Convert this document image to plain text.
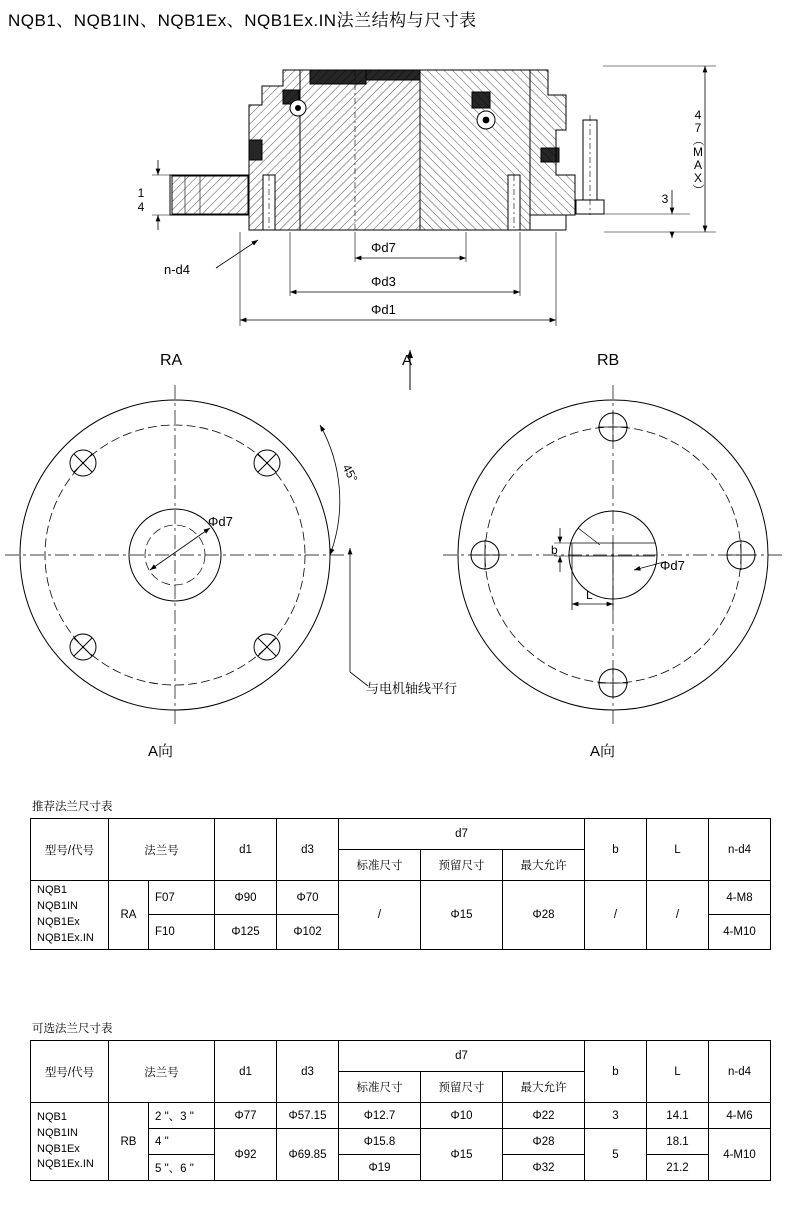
NQB1、NQB1IN、NQB1Ex、NQB1Ex.IN法兰结构与尺寸表
47（MAX）
14	3
n-d4
Φd7
Φd3
Φd1
A
RA	RB
A向	A向
Φd7
Φd7
45°
与电机轴线平行
b
L
推荐法兰尺寸表
型号/代号	法兰号		d1	d3	d7			b	L	n-d4
					标准尺寸	预留尺寸	最大允许			

NQB1
NQB1IN
NQB1Ex
NQB1Ex.IN	RA	F07	Φ90	Φ70	/	Φ15	Φ28	/	/	4-M8
		F10	Φ125	Φ102						4-M10
可选法兰尺寸表
型号/代号	法兰号		d1	d3	d7			b	L	n-d4
					标准尺寸	预留尺寸	最大允许			

NQB1
NQB1IN
NQB1Ex
NQB1Ex.IN	RB	2 "、3 "	Φ77	Φ57.15	Φ12.7	Φ10	Φ22	3	14.1	4-M6
		4 "	Φ92	Φ69.85	Φ15.8	Φ15	Φ28	5	18.1	4-M10
		5 "、6 "			Φ19		Φ32		21.2	
